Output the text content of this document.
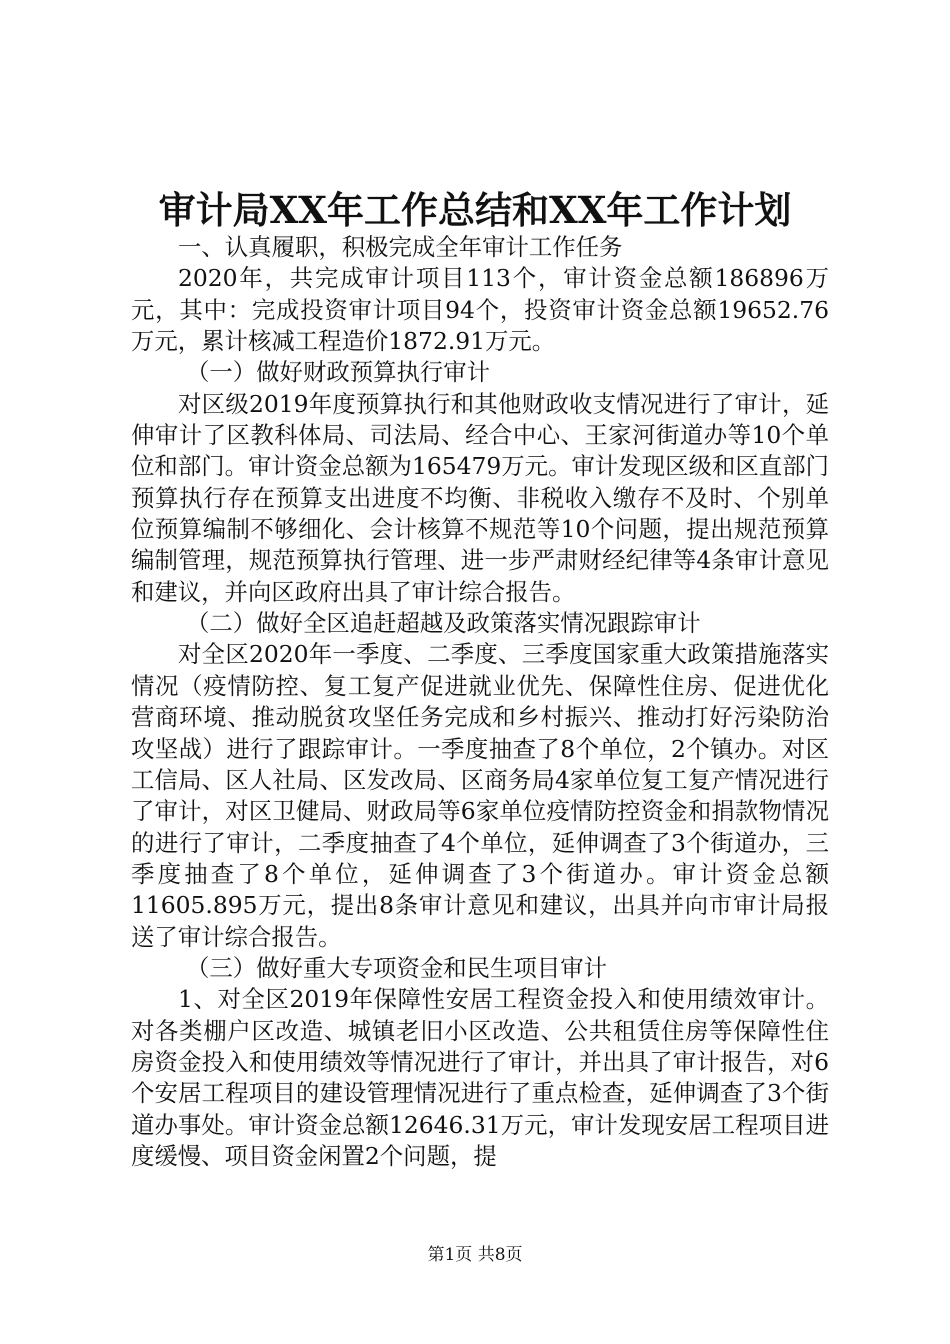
审计局XX年工作总结和XX年工作计划

一、认真履职，积极完成全年审计工作任务

2020年，共完成审计项目113个，审计资金总额186896万元，其中：完成投资审计项目94个，投资审计资金总额19652.76万元，累计核减工程造价1872.91万元。

（一）做好财政预算执行审计

对区级2019年度预算执行和其他财政收支情况进行了审计，延伸审计了区教科体局、司法局、经合中心、王家河街道办等10个单位和部门。审计资金总额为165479万元。审计发现区级和区直部门预算执行存在预算支出进度不均衡、非税收入缴存不及时、个别单位预算编制不够细化、会计核算不规范等10个问题，提出规范预算编制管理，规范预算执行管理、进一步严肃财经纪律等4条审计意见和建议，并向区政府出具了审计综合报告。

（二）做好全区追赶超越及政策落实情况跟踪审计

对全区2020年一季度、二季度、三季度国家重大政策措施落实情况（疫情防控、复工复产促进就业优先、保障性住房、促进优化营商环境、推动脱贫攻坚任务完成和乡村振兴、推动打好污染防治攻坚战）进行了跟踪审计。一季度抽查了8个单位，2个镇办。对区工信局、区人社局、区发改局、区商务局4家单位复工复产情况进行了审计，对区卫健局、财政局等6家单位疫情防控资金和捐款物情况的进行了审计，二季度抽查了4个单位，延伸调查了3个街道办，三季度抽查了8个单位，延伸调查了3个街道办。审计资金总额11605.895万元，提出8条审计意见和建议，出具并向市审计局报送了审计综合报告。

（三）做好重大专项资金和民生项目审计

1、对全区2019年保障性安居工程资金投入和使用绩效审计。对各类棚户区改造、城镇老旧小区改造、公共租赁住房等保障性住房资金投入和使用绩效等情况进行了审计，并出具了审计报告，对6个安居工程项目的建设管理情况进行了重点检查，延伸调查了3个街道办事处。审计资金总额12646.31万元，审计发现安居工程项目进度缓慢、项目资金闲置2个问题，提

第1页 共8页
